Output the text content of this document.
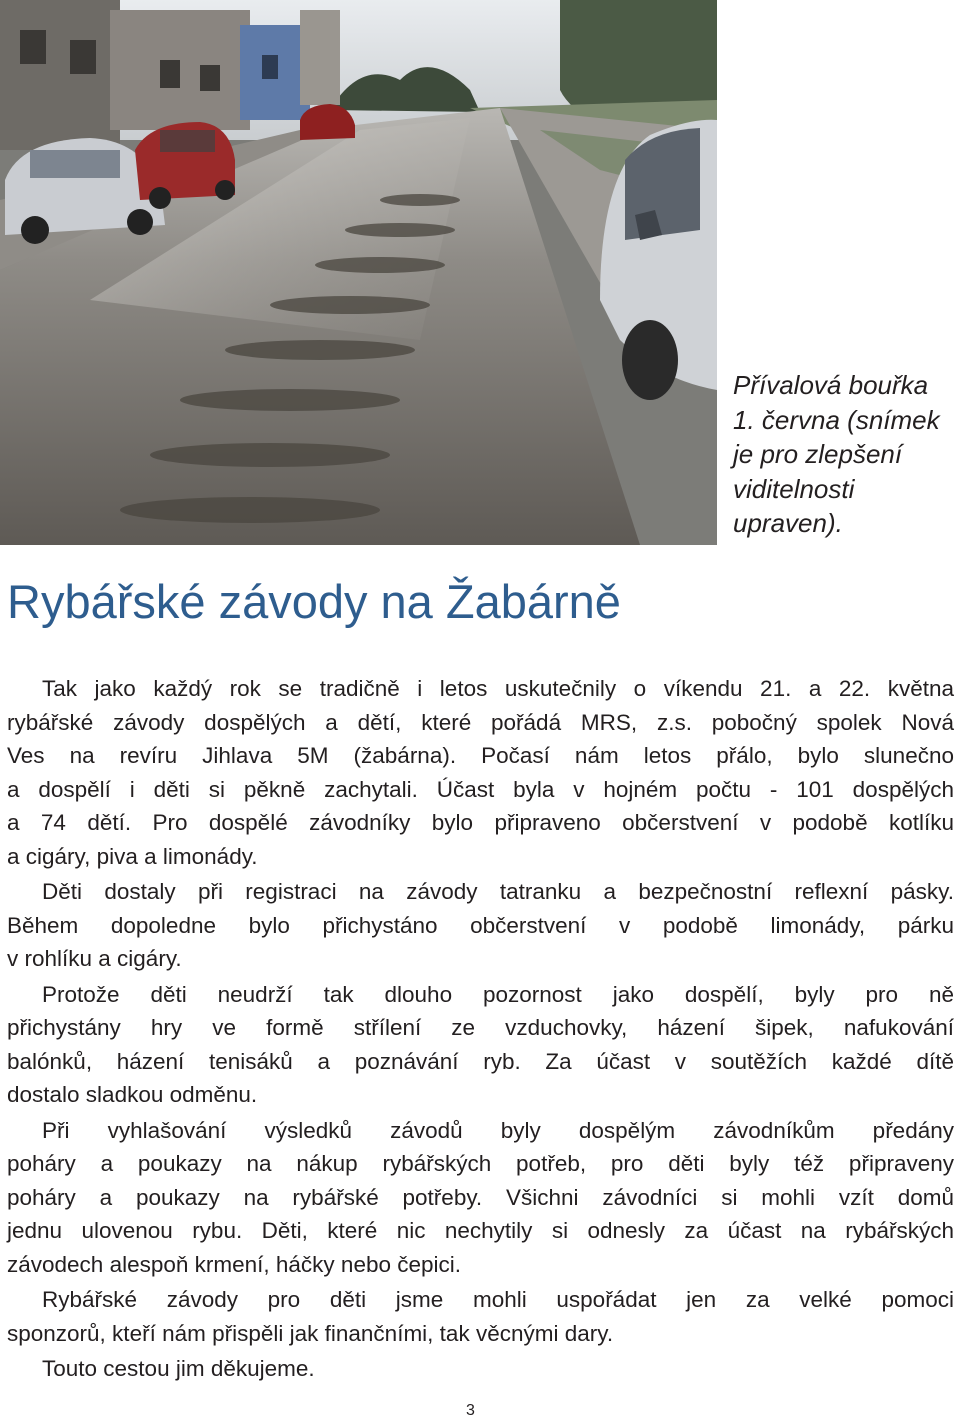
Přívalová bouřka
1. června (snímek
je pro zlepšení
viditelnosti
upraven).
Rybářské závody na Žabárně

Tak jako každý rok se tradičně i letos uskutečnily o víkendu 21. a 22. května
rybářské závody dospělých a dětí, které pořádá MRS, z.s. pobočný spolek Nová
Ves na revíru Jihlava 5M (žabárna). Počasí nám letos přálo, bylo slunečno
a dospělí i děti si pěkně zachytali. Účast byla v hojném počtu - 101 dospělých
a 74 dětí. Pro dospělé závodníky bylo připraveno občerstvení v podobě kotlíku
a cigáry, piva a limonády.

Děti dostaly při registraci na závody tatranku a bezpečnostní reflexní pásky.
Během dopoledne bylo přichystáno občerstvení v podobě limonády, párku
v rohlíku a cigáry.

Protože děti neudrží tak dlouho pozornost jako dospělí, byly pro ně
přichystány hry ve formě střílení ze vzduchovky, házení šipek, nafukování
balónků, házení tenisáků a poznávání ryb. Za účast v soutěžích každé dítě
dostalo sladkou odměnu.

Při vyhlašování výsledků závodů byly dospělým závodníkům předány
poháry a poukazy na nákup rybářských potřeb, pro děti byly též připraveny
poháry a poukazy na rybářské potřeby. Všichni závodníci si mohli vzít domů
jednu ulovenou rybu. Děti, které nic nechytily si odnesly za účast na rybářských
závodech alespoň krmení, háčky nebo čepici.

Rybářské závody pro děti jsme mohli uspořádat jen za velké pomoci
sponzorů, kteří nám přispěli jak finančními, tak věcnými dary.

Touto cestou jim děkujeme.

3
